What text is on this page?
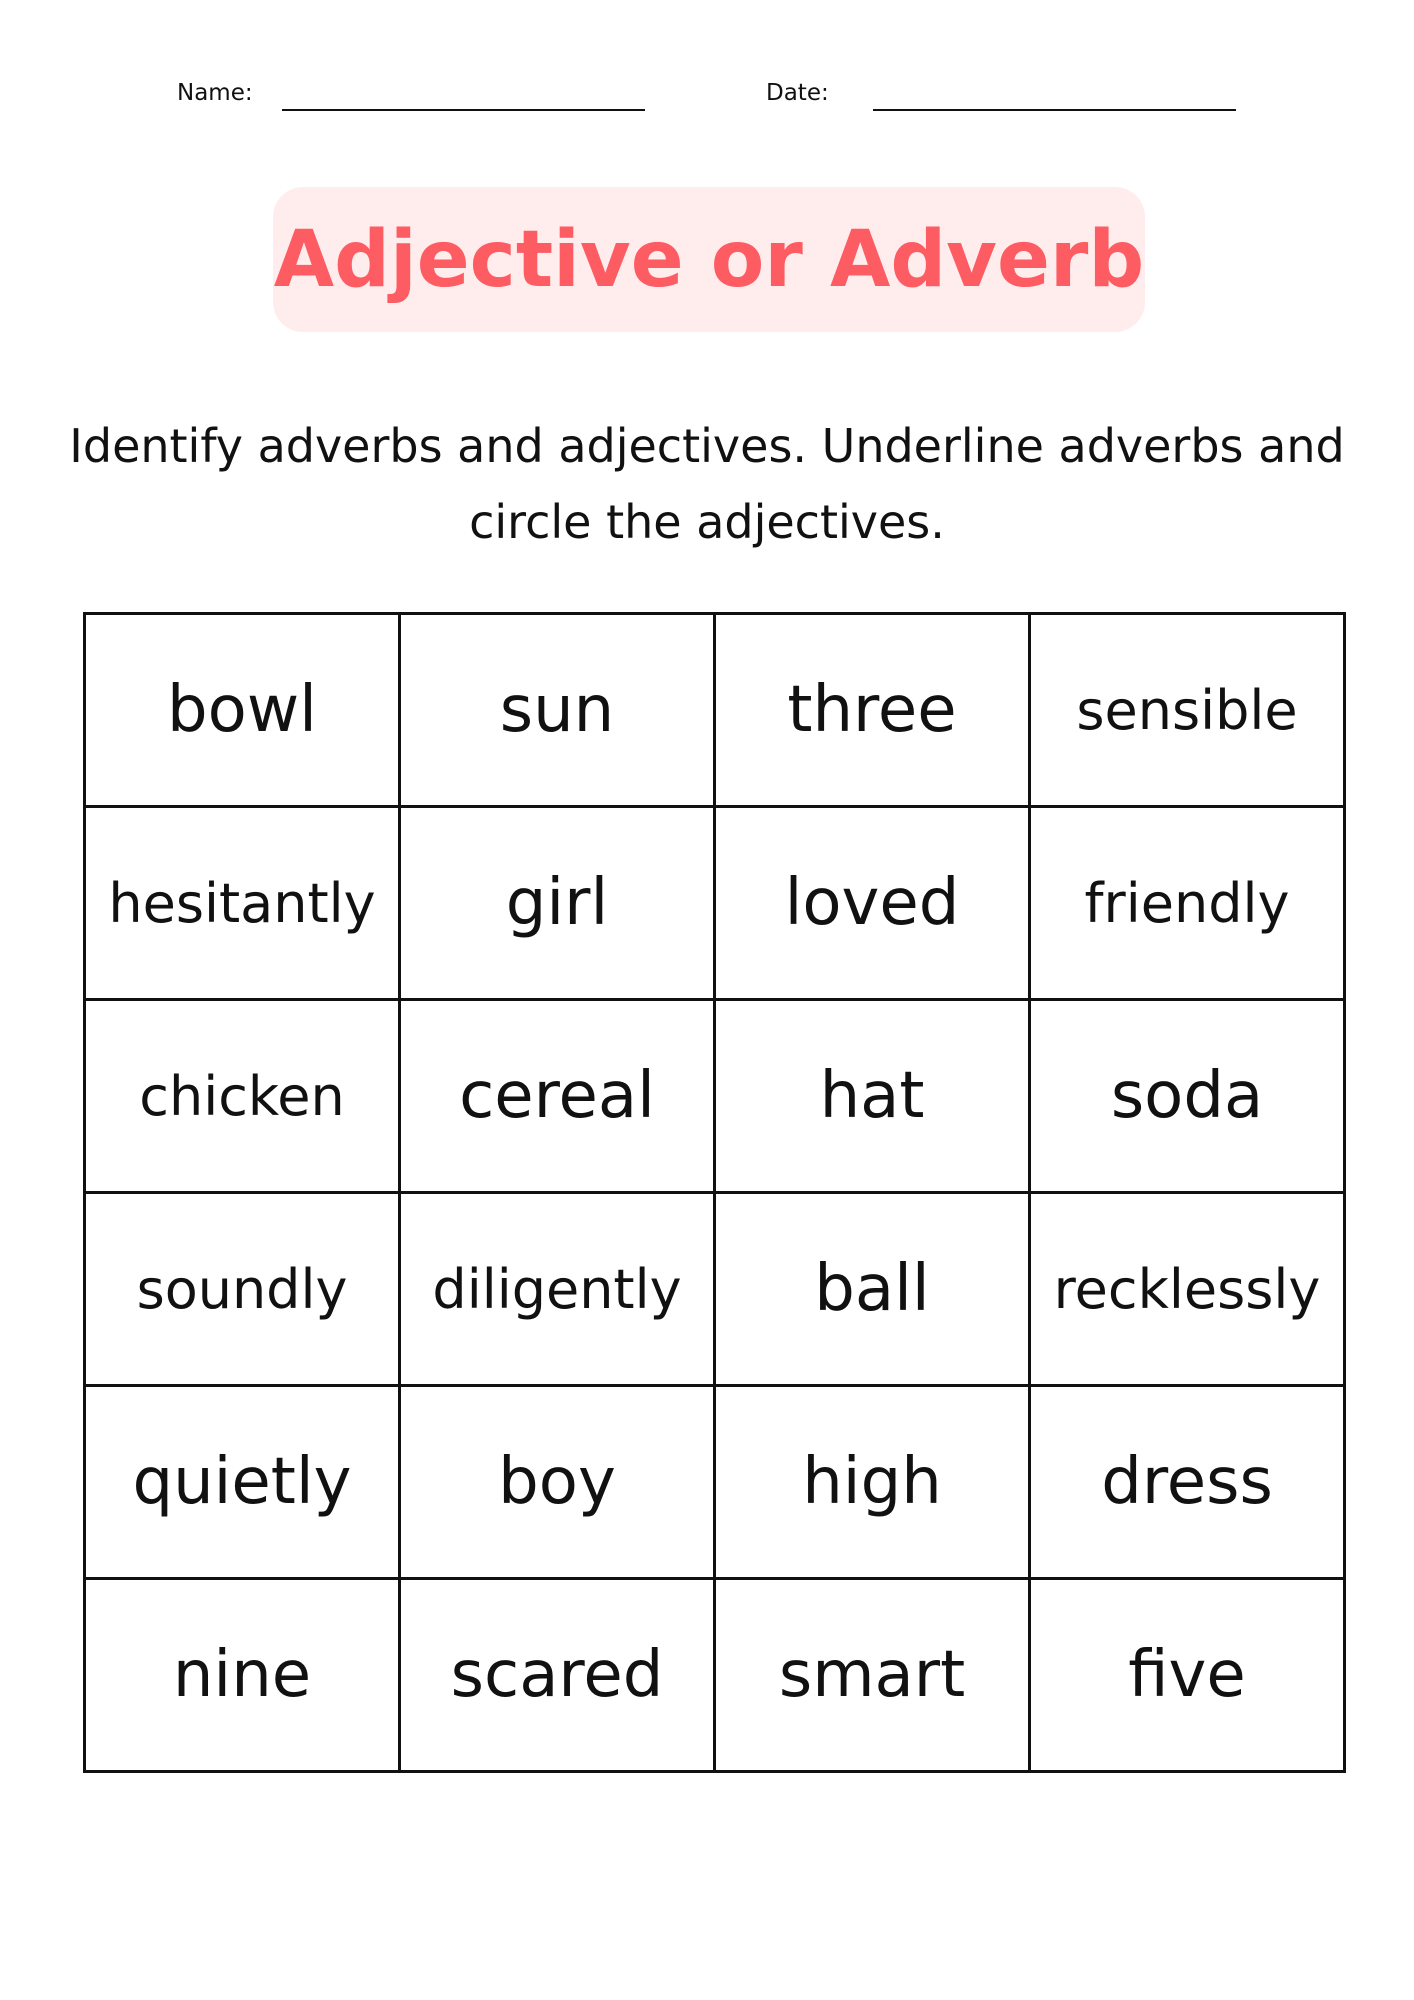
Name:	Date:
Adjective or Adverb
Identify adverbs and adjectives. Underline adverbs and circle the adjectives.
bowl	sun	three	sensible
hesitantly	girl	loved	friendly
chicken	cereal	hat	soda
soundly	diligently	ball	recklessly
quietly	boy	high	dress
nine	scared	smart	five
